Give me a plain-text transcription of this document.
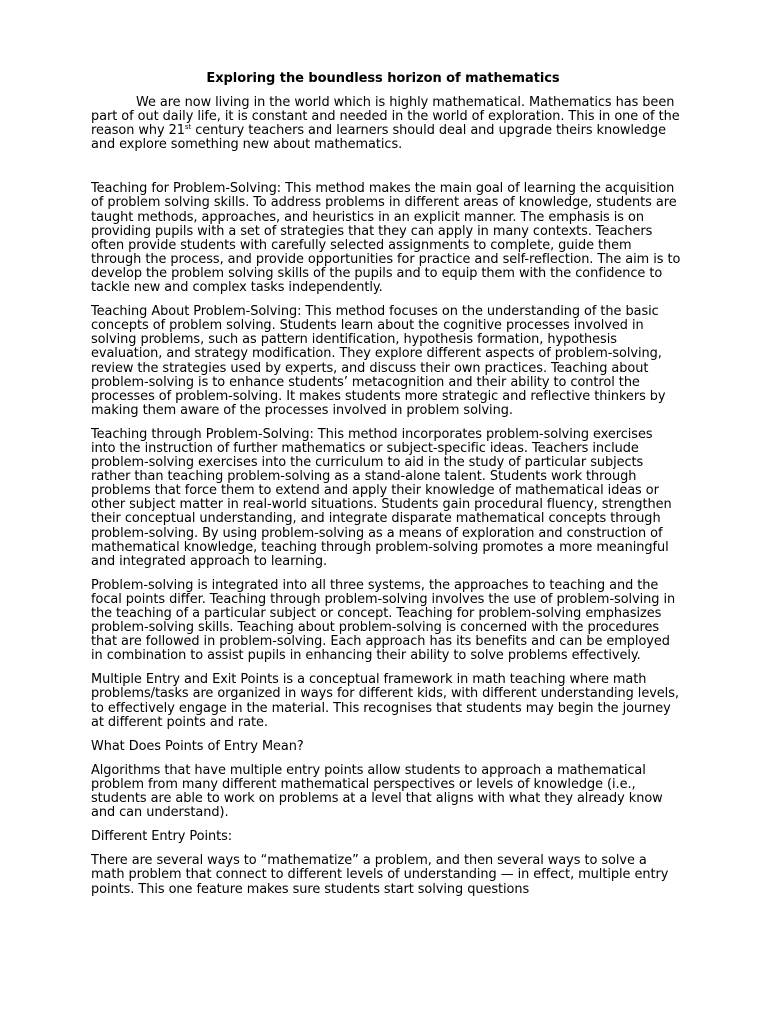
Exploring the boundless horizon of mathematics

We are now living in the world which is highly mathematical. Mathematics has been part of out daily life, it is constant and needed in the world of exploration. This in one of the reason why 21st century teachers and learners should deal and upgrade theirs knowledge and explore something new about mathematics.

Teaching for Problem-Solving: This method makes the main goal of learning the acquisition of problem solving skills. To address problems in different areas of knowledge, students are taught methods, approaches, and heuristics in an explicit manner. The emphasis is on providing pupils with a set of strategies that they can apply in many contexts. Teachers often provide students with carefully selected assignments to complete, guide them through the process, and provide opportunities for practice and self-reflection. The aim is to develop the problem solving skills of the pupils and to equip them with the confidence to tackle new and complex tasks independently.

Teaching About Problem-Solving: This method focuses on the understanding of the basic concepts of problem solving. Students learn about the cognitive processes involved in solving problems, such as pattern identification, hypothesis formation, hypothesis evaluation, and strategy modification. They explore different aspects of problem-solving, review the strategies used by experts, and discuss their own practices. Teaching about problem-solving is to enhance students’ metacognition and their ability to control the processes of problem-solving. It makes students more strategic and reflective thinkers by making them aware of the processes involved in problem solving.

Teaching through Problem-Solving: This method incorporates problem-solving exercises into the instruction of further mathematics or subject-specific ideas. Teachers include problem-solving exercises into the curriculum to aid in the study of particular subjects rather than teaching problem-solving as a stand-alone talent. Students work through problems that force them to extend and apply their knowledge of mathematical ideas or other subject matter in real-world situations. Students gain procedural fluency, strengthen their conceptual understanding, and integrate disparate mathematical concepts through problem-solving. By using problem-solving as a means of exploration and construction of mathematical knowledge, teaching through problem-solving promotes a more meaningful and integrated approach to learning.

Problem-solving is integrated into all three systems, the approaches to teaching and the focal points differ. Teaching through problem-solving involves the use of problem-solving in the teaching of a particular subject or concept. Teaching for problem-solving emphasizes problem-solving skills. Teaching about problem-solving is concerned with the procedures that are followed in problem-solving. Each approach has its benefits and can be employed in combination to assist pupils in enhancing their ability to solve problems effectively.

Multiple Entry and Exit Points is a conceptual framework in math teaching where math problems/tasks are organized in ways for different kids, with different understanding levels, to effectively engage in the material. This recognises that students may begin the journey at different points and rate.

What Does Points of Entry Mean?

Algorithms that have multiple entry points allow students to approach a mathematical problem from many different mathematical perspectives or levels of knowledge (i.e., students are able to work on problems at a level that aligns with what they already know and can understand).

Different Entry Points:

There are several ways to “mathematize” a problem, and then several ways to solve a math problem that connect to different levels of understanding — in effect, multiple entry points. This one feature makes sure students start solving questions
